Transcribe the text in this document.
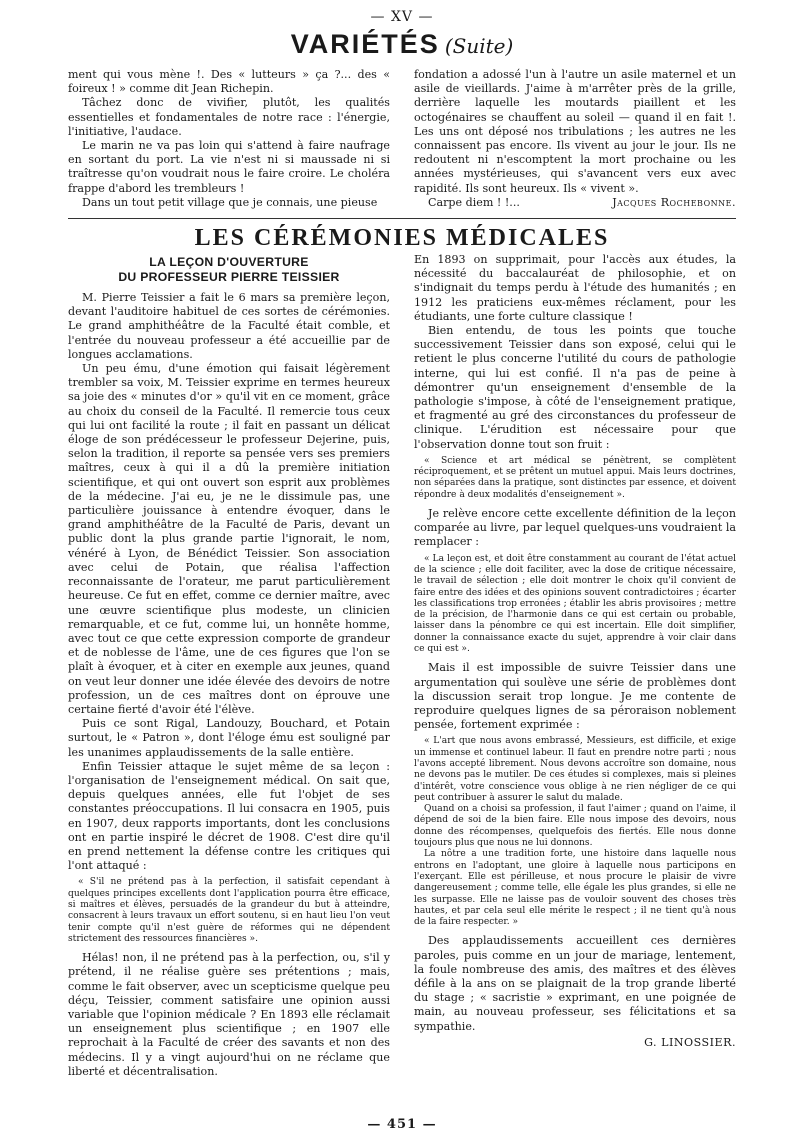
— XV —
VARIÉTÉS (Suite)

ment qui vous mène !. Des « lutteurs » ça ?... des « foireux ! » comme dit Jean Richepin.

Tâchez donc de vivifier, plutôt, les qualités essentielles et fondamentales de notre race : l'énergie, l'initiative, l'audace.

Le marin ne va pas loin qui s'attend à faire naufrage en sortant du port. La vie n'est ni si maussade ni si traîtresse qu'on voudrait nous le faire croire. Le choléra frappe d'abord les trembleurs !

Dans un tout petit village que je connais, une pieuse

fondation a adossé l'un à l'autre un asile maternel et un asile de vieillards. J'aime à m'arrêter près de la grille, derrière laquelle les moutards piaillent et les octogénaires se chauffent au soleil — quand il en fait !. Les uns ont déposé nos tribulations ; les autres ne les connaissent pas encore. Ils vivent au jour le jour. Ils ne redoutent ni n'escomptent la mort prochaine ou les années mystérieuses, qui s'avancent vers eux avec rapidité. Ils sont heureux. Ils « vivent ».

Carpe diem ! !...	Jacques Rochebonne.
LES CÉRÉMONIES MÉDICALES
LA LEÇON D'OUVERTURE
DU PROFESSEUR PIERRE TEISSIER

M. Pierre Teissier a fait le 6 mars sa première leçon, devant l'auditoire habituel de ces sortes de cérémonies. Le grand amphithéâtre de la Faculté était comble, et l'entrée du nouveau professeur a été accueillie par de longues acclamations.

Un peu ému, d'une émotion qui faisait légèrement trembler sa voix, M. Teissier exprime en termes heureux sa joie des « minutes d'or » qu'il vit en ce moment, grâce au choix du conseil de la Faculté. Il remercie tous ceux qui lui ont facilité la route ; il fait en passant un délicat éloge de son prédécesseur le professeur Dejerine, puis, selon la tradition, il reporte sa pensée vers ses premiers maîtres, ceux à qui il a dû la première initiation scientifique, et qui ont ouvert son esprit aux problèmes de la médecine. J'ai eu, je ne le dissimule pas, une particulière jouissance à entendre évoquer, dans le grand amphithéâtre de la Faculté de Paris, devant un public dont la plus grande partie l'ignorait, le nom, vénéré à Lyon, de Bénédict Teissier. Son association avec celui de Potain, que réalisa l'affection reconnaissante de l'orateur, me parut particulièrement heureuse. Ce fut en effet, comme ce dernier maître, avec une œuvre scientifique plus modeste, un clinicien remarquable, et ce fut, comme lui, un honnête homme, avec tout ce que cette expression comporte de grandeur et de noblesse de l'âme, une de ces figures que l'on se plaît à évoquer, et à citer en exemple aux jeunes, quand on veut leur donner une idée élevée des devoirs de notre profession, un de ces maîtres dont on éprouve une certaine fierté d'avoir été l'élève.

Puis ce sont Rigal, Landouzy, Bouchard, et Potain surtout, le « Patron », dont l'éloge ému est souligné par les unanimes applaudissements de la salle entière.

Enfin Teissier attaque le sujet même de sa leçon : l'organisation de l'enseignement médical. On sait que, depuis quelques années, elle fut l'objet de ses constantes préoccupations. Il lui consacra en 1905, puis en 1907, deux rapports importants, dont les conclusions ont en partie inspiré le décret de 1908. C'est dire qu'il en prend nettement la défense contre les critiques qui l'ont attaqué :

« S'il ne prétend pas à la perfection, il satisfait cependant à quelques principes excellents dont l'application pourra être efficace, si maîtres et élèves, persuadés de la grandeur du but à atteindre, consacrent à leurs travaux un effort soutenu, si en haut lieu l'on veut tenir compte qu'il n'est guère de réformes qui ne dépendent strictement des ressources financières ».

Hélas! non, il ne prétend pas à la perfection, ou, s'il y prétend, il ne réalise guère ses prétentions ; mais, comme le fait observer, avec un scepticisme quelque peu déçu, Teissier, comment satisfaire une opinion aussi variable que l'opinion médicale ? En 1893 elle réclamait un enseignement plus scientifique ; en 1907 elle reprochait à la Faculté de créer des savants et non des médecins. Il y a vingt aujourd'hui on ne réclame que liberté et décentralisation.

En 1893 on supprimait, pour l'accès aux études, la nécessité du baccalauréat de philosophie, et on s'indignait du temps perdu à l'étude des humanités ; en 1912 les praticiens eux-mêmes réclament, pour les étudiants, une forte culture classique !

Bien entendu, de tous les points que touche successivement Teissier dans son exposé, celui qui le retient le plus concerne l'utilité du cours de pathologie interne, qui lui est confié. Il n'a pas de peine à démontrer qu'un enseignement d'ensemble de la pathologie s'impose, à côté de l'enseignement pratique, et fragmenté au gré des circonstances du professeur de clinique. L'érudition est nécessaire pour que l'observation donne tout son fruit :

« Science et art médical se pénètrent, se complètent réciproquement, et se prêtent un mutuel appui. Mais leurs doctrines, non séparées dans la pratique, sont distinctes par essence, et doivent répondre à deux modalités d'enseignement ».

Je relève encore cette excellente définition de la leçon comparée au livre, par lequel quelques-uns voudraient la remplacer :

« La leçon est, et doit être constamment au courant de l'état actuel de la science ; elle doit faciliter, avec la dose de critique nécessaire, le travail de sélection ; elle doit montrer le choix qu'il convient de faire entre des idées et des opinions souvent contradictoires ; écarter les classifications trop erronées ; établir les abris provisoires ; mettre de la précision, de l'harmonie dans ce qui est certain ou probable, laisser dans la pénombre ce qui est incertain. Elle doit simplifier, donner la connaissance exacte du sujet, apprendre à voir clair dans ce qui est ».

Mais il est impossible de suivre Teissier dans une argumentation qui soulève une série de problèmes dont la discussion serait trop longue. Je me contente de reproduire quelques lignes de sa péroraison noblement pensée, fortement exprimée :

« L'art que nous avons embrassé, Messieurs, est difficile, et exige un immense et continuel labeur. Il faut en prendre notre parti ; nous l'avons accepté librement. Nous devons accroître son domaine, nous ne devons pas le mutiler. De ces études si complexes, mais si pleines d'intérêt, votre conscience vous oblige à ne rien négliger de ce qui peut contribuer à assurer le salut du malade.

Quand on a choisi sa profession, il faut l'aimer ; quand on l'aime, il dépend de soi de la bien faire. Elle nous impose des devoirs, nous donne des récompenses, quelquefois des fiertés. Elle nous donne toujours plus que nous ne lui donnons.

La nôtre a une tradition forte, une histoire dans laquelle nous entrons en l'adoptant, une gloire à laquelle nous participons en l'exerçant. Elle est périlleuse, et nous procure le plaisir de vivre dangereusement ; comme telle, elle égale les plus grandes, si elle ne les surpasse. Elle ne laisse pas de vouloir souvent des choses très hautes, et par cela seul elle mérite le respect ; il ne tient qu'à nous de la faire respecter. »

Des applaudissements accueillent ces dernières paroles, puis comme en un jour de mariage, lentement, la foule nombreuse des amis, des maîtres et des élèves défile à la ans on se plaignait de la trop grande liberté du stage ; « sacristie » exprimant, en une poignée de main, au nouveau professeur, ses félicitations et sa sympathie.

G. LINOSSIER.
— 451 —
